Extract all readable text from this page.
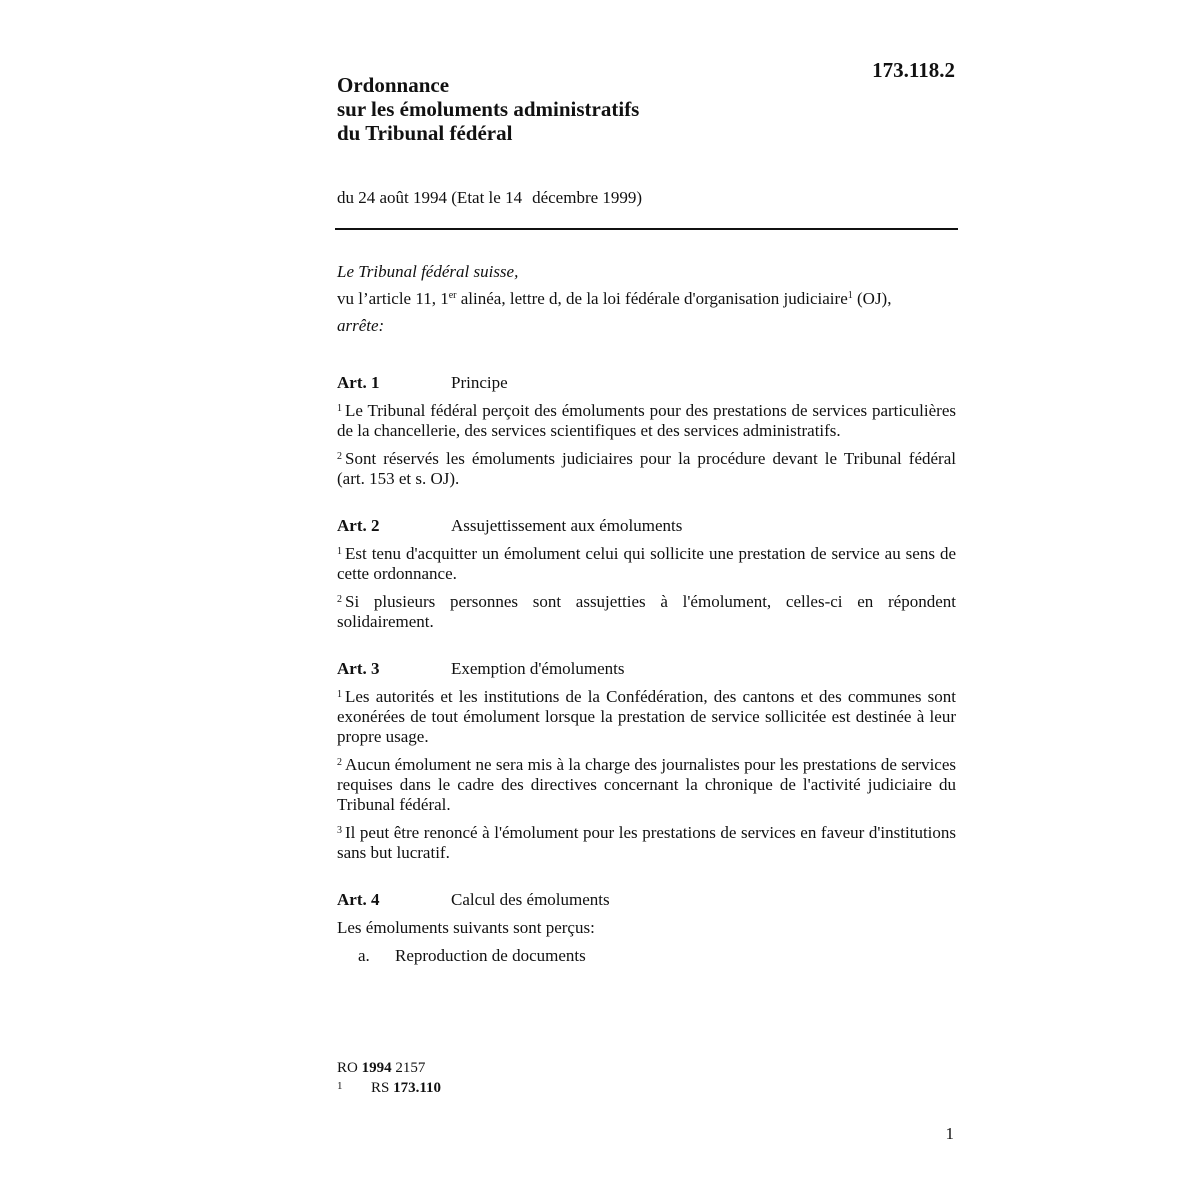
173.118.2
Ordonnance
sur les émoluments administratifs
du Tribunal fédéral
du 24 août 1994 (Etat le 14 décembre 1999)
Le Tribunal fédéral suisse,
vu l’article 11, 1er alinéa, lettre d, de la loi fédérale d'organisation judiciaire$^1$ (OJ),
arrête:
Art. 1	Principe

$^1$ Le Tribunal fédéral perçoit des émoluments pour des prestations de services particulières de la chancellerie, des services scientifiques et des services administratifs.

$^2$ Sont réservés les émoluments judiciaires pour la procédure devant le Tribunal fédéral (art. 153 et s. OJ).

Art. 2	Assujettissement aux émoluments

$^1$ Est tenu d'acquitter un émolument celui qui sollicite une prestation de service au sens de cette ordonnance.

$^2$ Si plusieurs personnes sont assujetties à l'émolument, celles-ci en répondent solidairement.

Art. 3	Exemption d'émoluments

$^1$ Les autorités et les institutions de la Confédération, des cantons et des communes sont exonérées de tout émolument lorsque la prestation de service sollicitée est destinée à leur propre usage.

$^2$ Aucun émolument ne sera mis à la charge des journalistes pour les prestations de services requises dans le cadre des directives concernant la chronique de l'activité judiciaire du Tribunal fédéral.

$^3$ Il peut être renoncé à l'émolument pour les prestations de services en faveur d'institutions sans but lucratif.

Art. 4	Calcul des émoluments
Les émoluments suivants sont perçus:
a.	Reproduction de documents
RO 1994 2157
1	RS 173.110
1
